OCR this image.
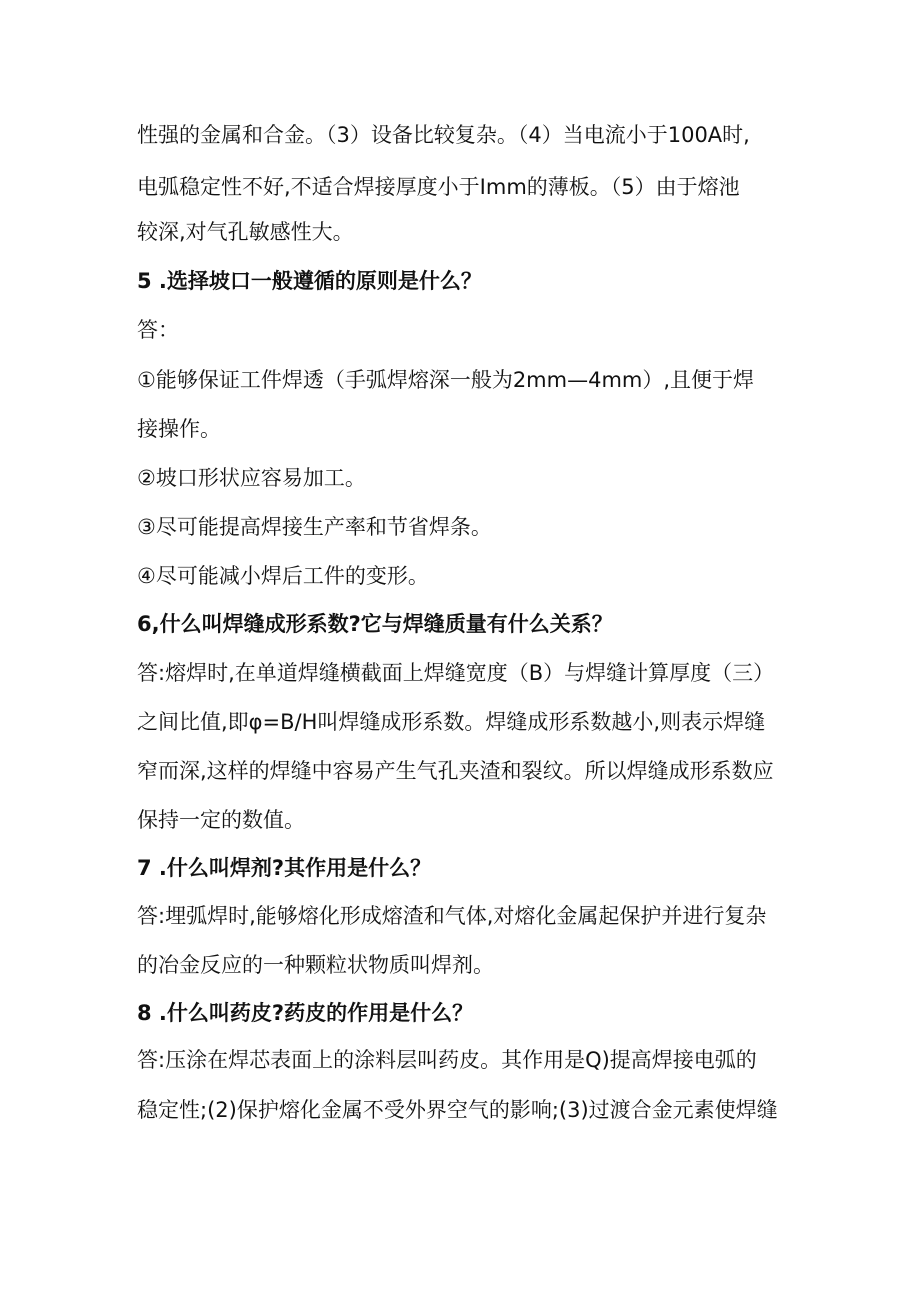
性强的金属和合金。（3）设备比较复杂。（4）当电流小于100A时,
电弧稳定性不好,不适合焊接厚度小于Imm的薄板。（5）由于熔池
较深,对气孔敏感性大。
5 .选择坡口一般遵循的原则是什么？
答：
①能够保证工件焊透（手弧焊熔深一般为2mm—4mm）,且便于焊
接操作。
②坡口形状应容易加工。
③尽可能提高焊接生产率和节省焊条。
④尽可能减小焊后工件的变形。
6,什么叫焊缝成形系数?它与焊缝质量有什么关系？
答:熔焊时,在单道焊缝横截面上焊缝宽度（B）与焊缝计算厚度（三）
之间比值,即φ=B/H叫焊缝成形系数。焊缝成形系数越小,则表示焊缝
窄而深,这样的焊缝中容易产生气孔夹渣和裂纹。所以焊缝成形系数应
保持一定的数值。
7 .什么叫焊剂?其作用是什么？
答:埋弧焊时,能够熔化形成熔渣和气体,对熔化金属起保护并进行复杂
的冶金反应的一种颗粒状物质叫焊剂。
8 .什么叫药皮?药皮的作用是什么？
答:压涂在焊芯表面上的涂料层叫药皮。其作用是Q)提高焊接电弧的
稳定性;(2)保护熔化金属不受外界空气的影响;(3)过渡合金元素使焊缝
